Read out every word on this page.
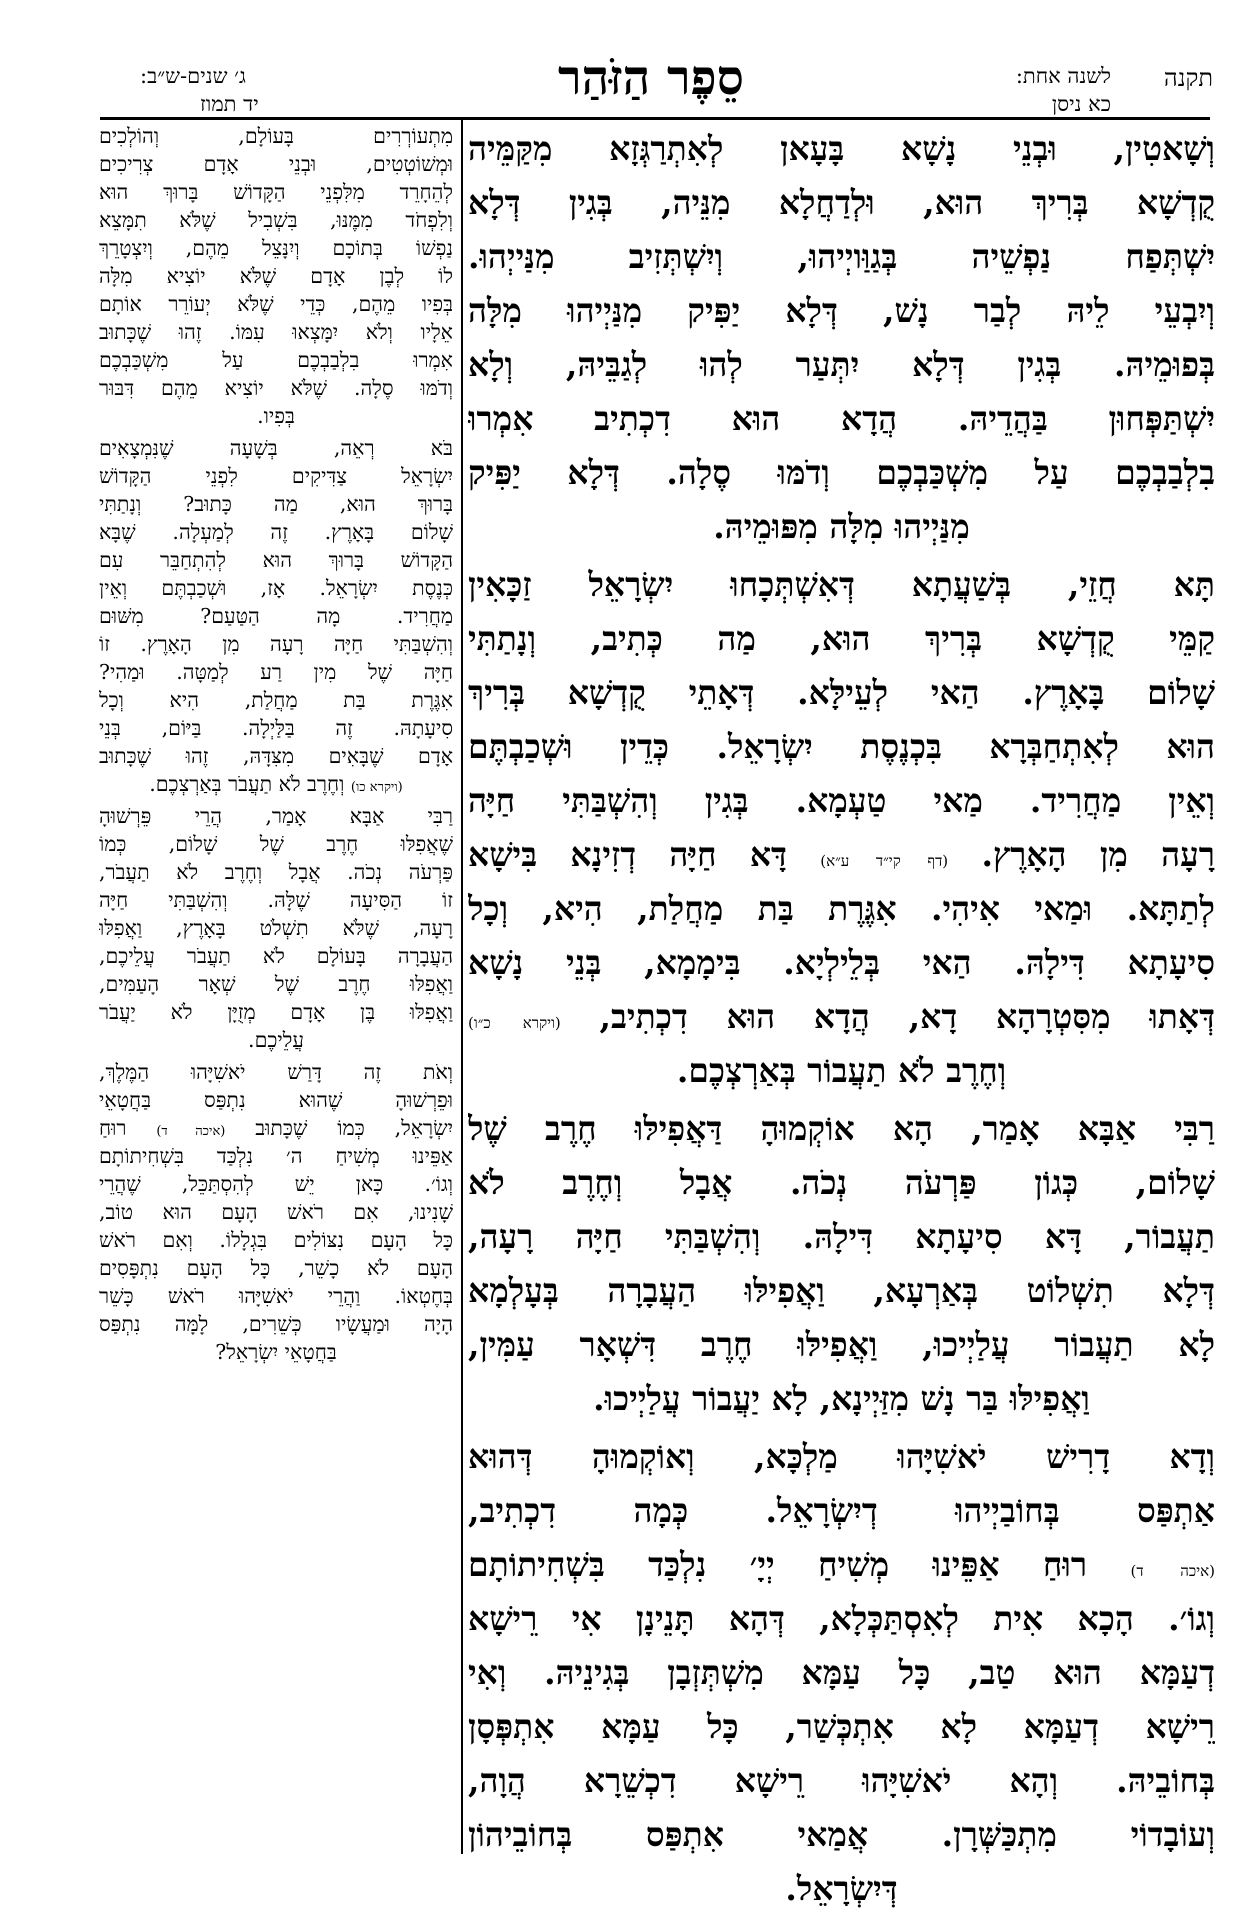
תקנה
לשנה אחת:
כא ניסן
סֵפֶר הַזֹּהַר
ג׳ שנים-ש״ב:
יד תמוז
וְשָׁאטִין, וּבְנֵי נָשָׁא בָּעָאן לְאִתְרַגְּזָא מִקַּמֵּיה
קֻדְשָׁא בְּרִיךְ הוּא, וּלְדַחֲלָא מִנֵּיה, בְּגִין דְּלָא
יִשְׁתְּפַח נַפְשֵׁיה בְּגַוַּויְיהוּ, וְיִשְׁתְּזִיב מִנַּייְהוּ.
וְיִבְעֵי לֵיהּ לְבַר נָשׁ, דְּלָא יַפִּיק מִנַּיְיהוּ מִלָּה
בְּפוּמֵיהּ. בְּגִין דְּלָא יִתְּעַר לְהוּ לְגַבֵּיהּ, וְלָא
יִשְׁתַּפְּחוּן בַּהֲדֵיהּ. הֲדָא הוּא דִכְתִיב אִמְרוּ
בִלְבַבְכֶם עַל מִשְׁכַּבְכֶם וְדֹמּוּ סֶלָה. דְּלָא יַפִּיק
מִנַּיְיהוּ מִלָּה מִפּוּמֵיהּ.
תָּא חֲזֵי, בְּשַׁעֲתָא דְּאִשְׁתְּכָחוּ יִשְׂרָאֵל זַכָּאִין
קַמֵּי קֻדְשָׁא בְּרִיךְ הוּא, מַה כְּתִיב, וְנָתַתִּי
שָׁלוֹם בָּאָרֶץ. הַאי לְעֵילָּא. דְּאָתֵי קֻדְשָׁא בְּרִיךְ
הוּא לְאִתְחַבְּרָא בִּכְנֶסֶת יִשְׂרָאֵל. כְּדֵין וּשְׁכַבְתֶּם
וְאֵין מַחֲרִיד. מַאי טַעְמָא. בְּגִין וְהִשְׁבַּתִּי חַיָּה
רָעָה מִן הָאָרֶץ. (דף קי״ד ע״א) דָּא חַיָּה דְזִינָא בִּישָׁא
לְתַתָּא. וּמַאי אִיהִי. אִגֶּרֶת בַּת מַחֲלַת, הִיא, וְכָל
סִיעָתָא דִּילָהּ. הַאי בְּלֵילְיָא. בִּימָמָא, בְּנֵי נָשָׁא
דְּאָתוּ מִסִּטְרָהָא דָא, הֲדָא הוּא דִכְתִיב, (ויקרא כ״ו)
וְחֶרֶב לֹא תַעֲבוֹר בְּאַרְצְכֶם.
רַבִּי אַבָּא אָמַר, הָא אוֹקְמוּהָ דַּאֲפִילּוּ חֶרֶב שֶׁל
שָׁלוֹם, כְּגוֹן פַּרְעֹה נְכֹה. אֲבָל וְחֶרֶב לֹא
תַעֲבוֹר, דָּא סִיעָתָא דִּילָהּ. וְהִשְׁבַּתִּי חַיָּה רָעָה,
דְּלָא תִשְׁלוֹט בְּאַרְעָא, וַאֲפִילּוּ הַעֲבָרָה בְּעָלְמָא
לָא תַעֲבוֹר עֲלַיְיכוּ, וַאֲפִילּוּ חֶרֶב דִּשְׁאָר עַמִּין,
וַאֲפִילּוּ בַּר נָשׁ מִזַּיְינָא, לָא יַעֲבוֹר עֲלַיְיכוּ.
וְדָא דָרִישׁ יֹאשִׁיָּהוּ מַלְכָּא, וְאוֹקְמוּהָ דְּהוּא
אַתְפַּס בְּחוֹבַיְיהוּ דְיִשְׂרָאֵל. כְּמָה דִכְתִיב,
(איכה ד) רוּחַ אַפֵּינוּ מְשִׁיחַ יְיָ׳ נִלְכַּד בִּשְׁחִיתוֹתָם
וְגוֹ׳. הָכָא אִית לְאִסְתַּכְּלָא, דְּהָא תָּנֵינָן אִי רֵישָׁא
דְעַמָּא הוּא טַב, כָּל עַמָּא מִשְׁתְּזְבָן בְּגִינֵיהּ. וְאִי
רֵישָׁא דְעַמָּא לָא אִתְכְּשַׁר, כָּל עַמָּא אִתְפְּסָן
בְּחוֹבֵיהּ. וְהָא יֹאשִׁיָּהוּ רֵישָׁא דִכְשֵׁרָא הֲוָה,
וְעוֹבָדוֹי מִתְכַּשְּׁרָן. אֲמַאי אִתְפַּס בְּחוֹבֵיהוֹן
דְּיִשְׂרָאֵל.
מִתְעוֹרְרִים בָּעוֹלָם, וְהוֹלְכִים
וּמְשׁוֹטְטִים, וּבְנֵי אָדָם צְרִיכִים
לְהֵחָרֵד מִלִּפְנֵי הַקָּדוֹשׁ בָּרוּךְ הוּא
וְלִפְחֹד מִמֶּנּוּ, בִּשְׁבִיל שֶׁלֹּא תִמָּצֵא
נַפְשׁוֹ בְּתוֹכָם וְיִנָּצֵל מֵהֶם, וְיִצְטָרֵךְ
לוֹ לְבֶן אָדָם שֶׁלֹּא יוֹצִיא מִלָּה
בְּפִיו מֵהֶם, כְּדֵי שֶׁלֹּא יְעוֹרֵר אוֹתָם
אֵלָיו וְלֹא יִמָּצְאוּ עִמּוֹ. זֶהוּ שֶׁכָּתוּב
אִמְרוּ בִלְבַבְכֶם עַל מִשְׁכַּבְכֶם
וְדֹמּוּ סֶלָה. שֶׁלֹּא יוֹצִיא מֵהֶם דִּבּוּר
בְּפִיו.
בֹּא רְאֵה, בְּשָׁעָה שֶׁנִּמְצָאִים
יִשְׂרָאֵל צַדִּיקִים לִפְנֵי הַקָּדוֹשׁ
בָּרוּךְ הוּא, מַה כָּתוּב? וְנָתַתִּי
שָׁלוֹם בָּאָרֶץ. זֶה לְמַעְלָה. שֶׁבָּא
הַקָּדוֹשׁ בָּרוּךְ הוּא לְהִתְחַבֵּר עִם
כְּנֶסֶת יִשְׂרָאֵל. אָז, וּשְׁכַבְתֶּם וְאֵין
מַחֲרִיד. מָה הַטַּעַם? מִשּׁוּם
וְהִשְׁבַּתִּי חַיָּה רָעָה מִן הָאָרֶץ. זוֹ
חַיָּה שֶׁל מִין רַע לְמַטָּה. וּמַהִי?
אִגֶּרֶת בַּת מַחֲלַת, הִיא וְכָל
סִיעָתָהּ. זֶה בַּלַּיְלָה. בַּיּוֹם, בְּנֵי
אָדָם שֶׁבָּאִים מִצִּדָּהּ, זֶהוּ שֶׁכָּתוּב
(ויקרא כו) וְחֶרֶב לֹא תַעֲבֹר בְּאַרְצְכֶם.
רַבִּי אַבָּא אָמַר, הֲרֵי פֵּרְשׁוּהָ
שֶׁאֲפִלּוּ חֶרֶב שֶׁל שָׁלוֹם, כְּמוֹ
פַּרְעֹה נְכֹה. אֲבָל וְחֶרֶב לֹא תַעֲבֹר,
זוֹ הַסִּיעָה שֶׁלָּהּ. וְהִשְׁבַּתִּי חַיָּה
רָעָה, שֶׁלֹּא תִשְׁלֹט בָּאָרֶץ, וַאֲפִלּוּ
הַעֲבָרָה בָּעוֹלָם לֹא תַעֲבֹר עֲלֵיכֶם,
וַאֲפִלּוּ חֶרֶב שֶׁל שְׁאָר הָעַמִּים,
וַאֲפִלּוּ בֶּן אָדָם מְזֻיָּן לֹא יַעֲבֹר
עֲלֵיכֶם.
וְאֹת זֶה דָּרַשׁ יֹאשִׁיָּהוּ הַמֶּלֶךְ,
וּפֵרְשׁוּהָ שֶׁהוּא נִתְפַּס בַּחֲטָאֵי
יִשְׂרָאֵל, כְּמוֹ שֶׁכָּתוּב (איכה ד) רוּחַ
אַפֵּינוּ מְשִׁיחַ ה׳ נִלְכַּד בִּשְׁחִיתוֹתָם
וְגוֹ׳. כָּאן יֵשׁ לְהִסְתַּכֵּל, שֶׁהֲרֵי
שָׁנִינוּ, אִם רֹאשׁ הָעָם הוּא טוֹב,
כָּל הָעָם נִצּוֹלִים בִּגְלָלוֹ. וְאִם רֹאשׁ
הָעָם לֹא כָשֵׁר, כָּל הָעָם נִתְפָּסִים
בְּחֶטְאוֹ. וַהֲרֵי יֹאשִׁיָּהוּ רֹאשׁ כָּשֵׁר
הָיָה וּמַעֲשָׂיו כְּשֵׁרִים, לָמָּה נִתְפַּס
בַּחֲטָאֵי יִשְׂרָאֵל?
